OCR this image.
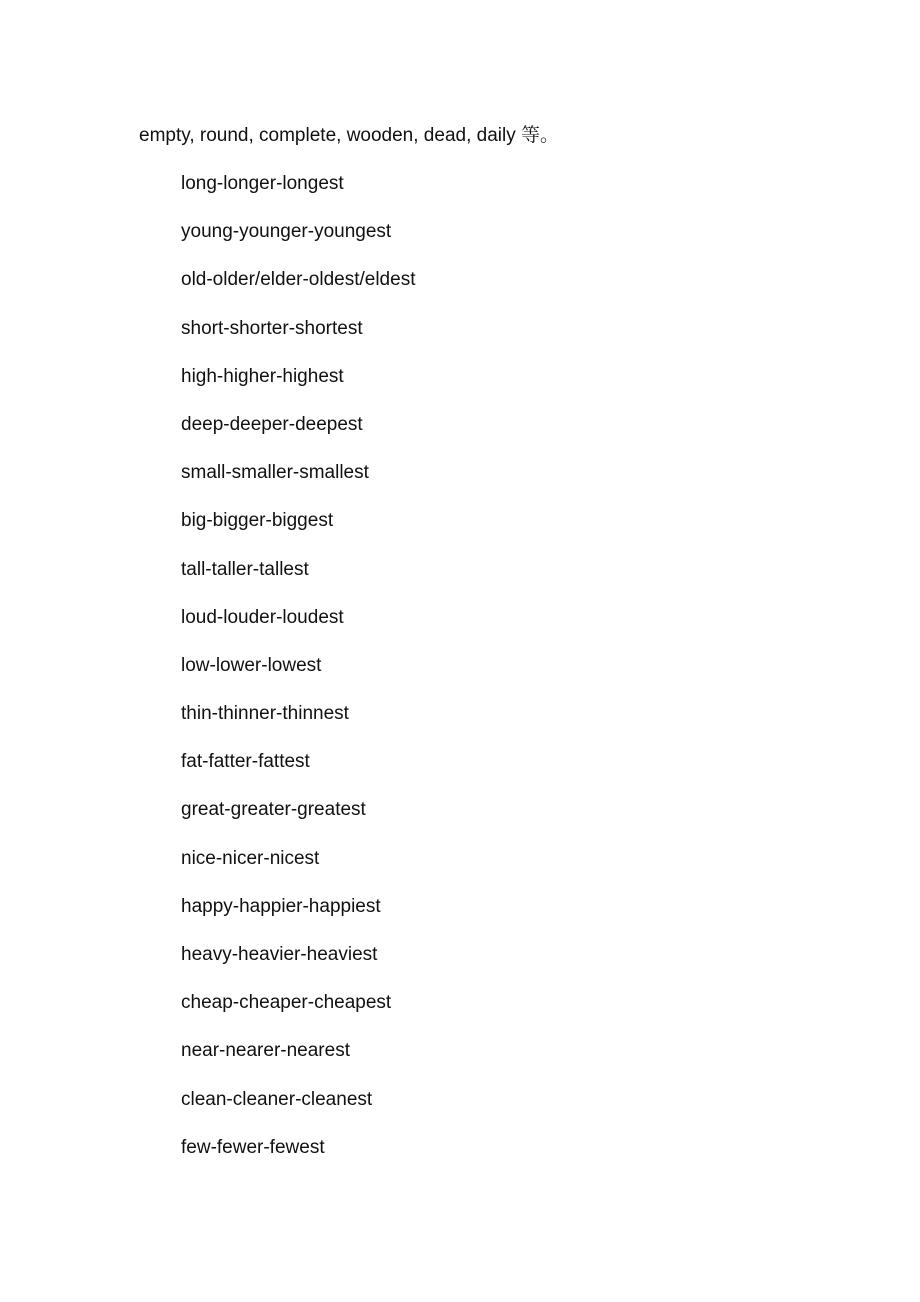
empty, round, complete, wooden, dead, daily 等。
long-longer-longest
young-younger-youngest
old-older/elder-oldest/eldest
short-shorter-shortest
high-higher-highest
deep-deeper-deepest
small-smaller-smallest
big-bigger-biggest
tall-taller-tallest
loud-louder-loudest
low-lower-lowest
thin-thinner-thinnest
fat-fatter-fattest
great-greater-greatest
nice-nicer-nicest
happy-happier-happiest
heavy-heavier-heaviest
cheap-cheaper-cheapest
near-nearer-nearest
clean-cleaner-cleanest
few-fewer-fewest
